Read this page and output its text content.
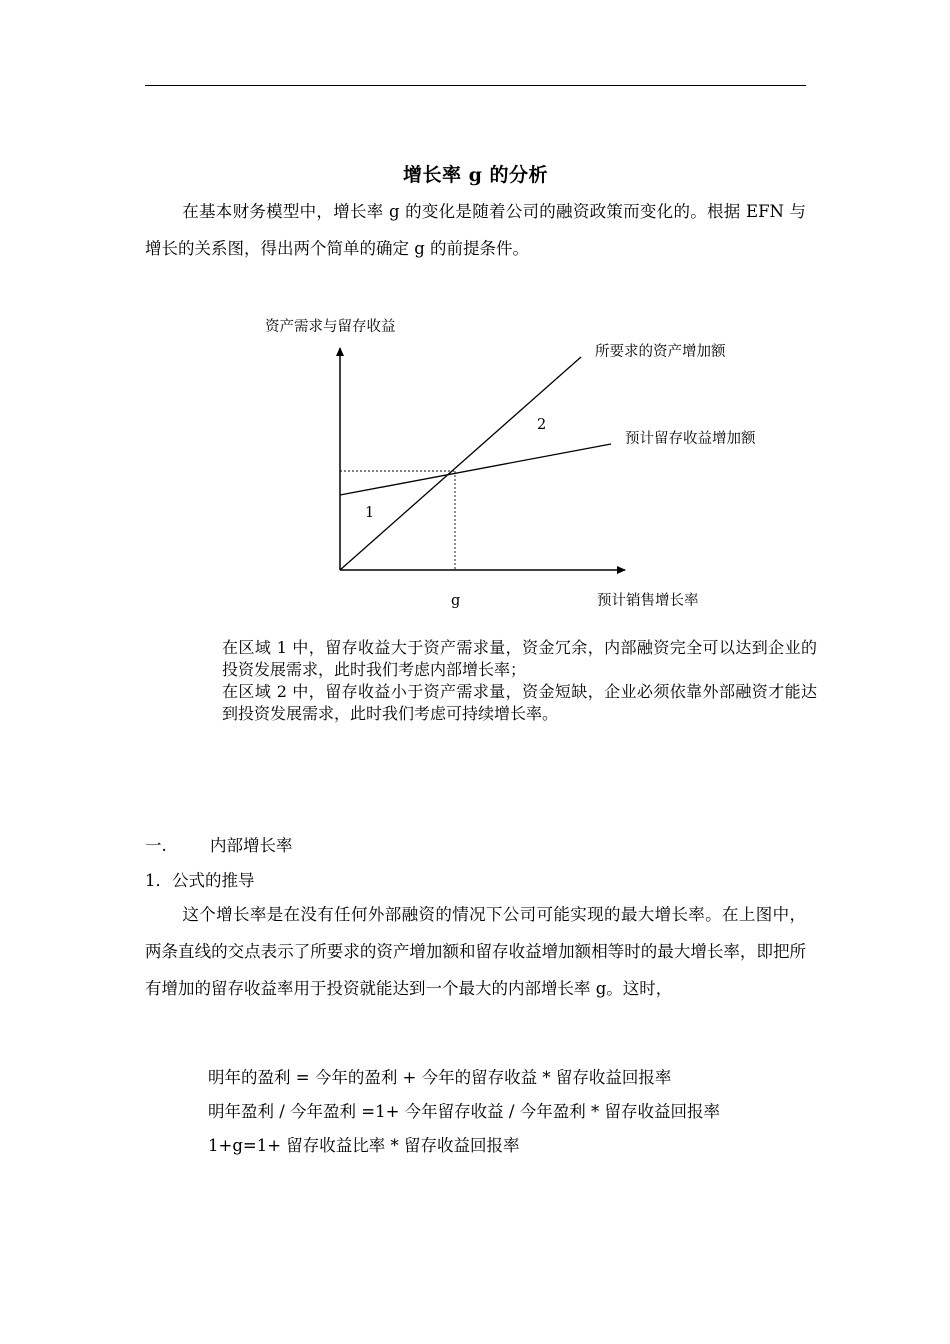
增长率 g 的分析
在基本财务模型中，增长率 g 的变化是随着公司的融资政策而变化的。根据 EFN 与增长的关系图，得出两个简单的确定 g 的前提条件。
资产需求与留存收益
所要求的资产增加额
预计留存收益增加额
2
1
g	预计销售增长率
在区域 1 中，留存收益大于资产需求量，资金冗余，内部融资完全可以达到企业的投资发展需求，此时我们考虑内部增长率；
在区域 2 中，留存收益小于资产需求量，资金短缺，企业必须依靠外部融资才能达到投资发展需求，此时我们考虑可持续增长率。
一.	内部增长率
1．公式的推导
这个增长率是在没有任何外部融资的情况下公司可能实现的最大增长率。在上图中，两条直线的交点表示了所要求的资产增加额和留存收益增加额相等时的最大增长率，即把所有增加的留存收益率用于投资就能达到一个最大的内部增长率 g。这时，
明年的盈利 = 今年的盈利 + 今年的留存收益 * 留存收益回报率
明年盈利 / 今年盈利 =1+ 今年留存收益 / 今年盈利 * 留存收益回报率
1+g=1+ 留存收益比率 * 留存收益回报率
